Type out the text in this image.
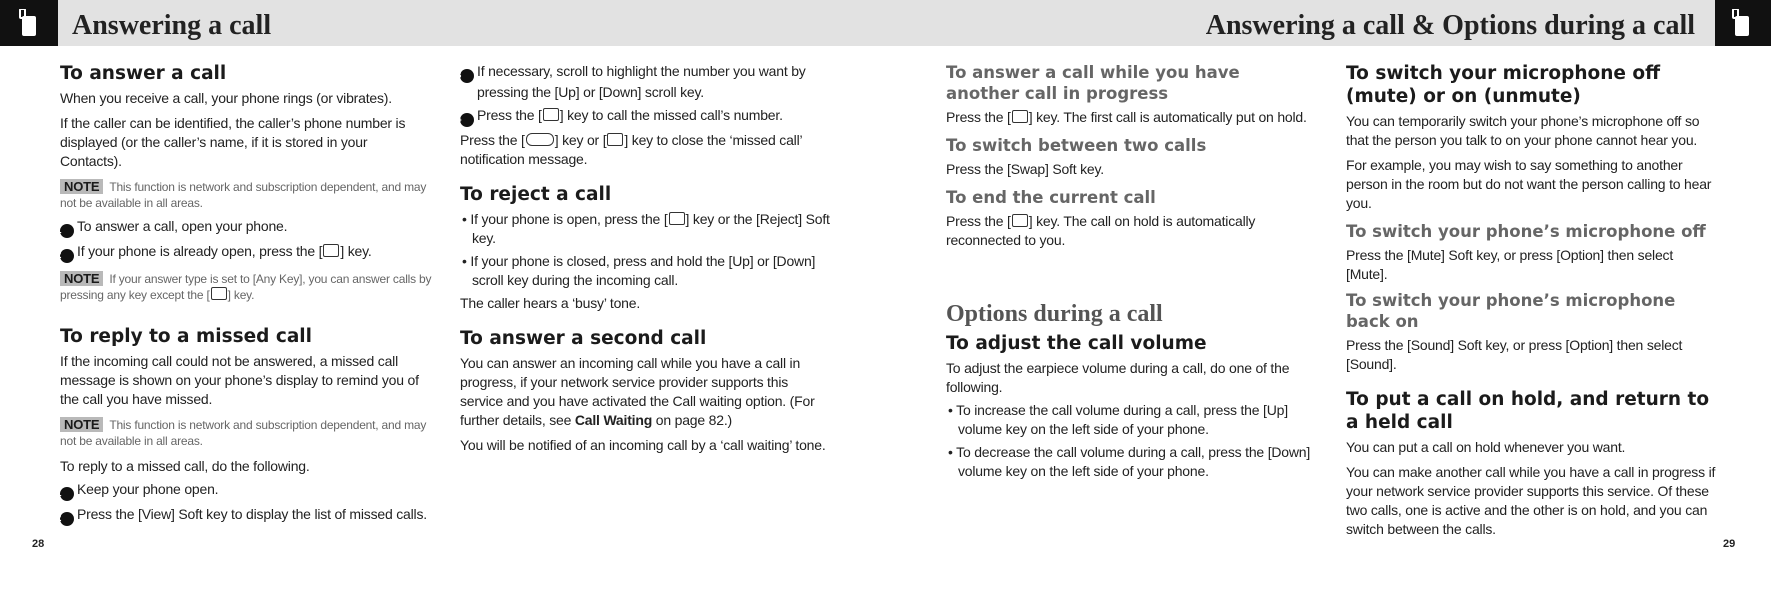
Answering a call	Answering a call & Options during a call
To answer a call

When you receive a call, your phone rings (or vibrates).

If the caller can be identified, the caller’s phone number is displayed (or the caller’s name, if it is stored in your Contacts).

NOTE This function is network and subscription dependent, and may not be available in all areas.

1 To answer a call, open your phone.

2 If your phone is already open, press the [ ] key.

NOTE If your answer type is set to [Any Key], you can answer calls by pressing any key except the [ ] key.

To reply to a missed call

If the incoming call could not be answered, a missed call message is shown on your phone’s display to remind you of the call you have missed.

NOTE This function is network and subscription dependent, and may not be available in all areas.

To reply to a missed call, do the following.

1 Keep your phone open.

2 Press the [View] Soft key to display the list of missed calls.

28

3 If necessary, scroll to highlight the number you want by pressing the [Up] or [Down] scroll key.

4 Press the [ ] key to call the missed call’s number.

Press the [ ] key or [ ] key to close the ‘missed call’ notification message.

To reject a call

• If your phone is open, press the [ ] key or the [Reject] Soft key.

• If your phone is closed, press and hold the [Up] or [Down] scroll key during the incoming call.

The caller hears a ‘busy’ tone.

To answer a second call

You can answer an incoming call while you have a call in progress, if your network service provider supports this service and you have activated the Call waiting option. (For further details, see Call Waiting on page 82.)

You will be notified of an incoming call by a ‘call waiting’ tone.

To answer a call while you have another call in progress

Press the [ ] key. The first call is automatically put on hold.

To switch between two calls

Press the [Swap] Soft key.

To end the current call

Press the [ ] key. The call on hold is automatically reconnected to you.

Options during a call
To adjust the call volume

To adjust the earpiece volume during a call, do one of the following.

• To increase the call volume during a call, press the [Up] volume key on the left side of your phone.

• To decrease the call volume during a call, press the [Down] volume key on the left side of your phone.

To switch your microphone off (mute) or on (unmute)

You can temporarily switch your phone’s microphone off so that the person you talk to on your phone cannot hear you.

For example, you may wish to say something to another person in the room but do not want the person calling to hear you.

To switch your phone’s microphone off

Press the [Mute] Soft key, or press [Option] then select [Mute].

To switch your phone’s microphone back on

Press the [Sound] Soft key, or press [Option] then select [Sound].

To put a call on hold, and return to a held call

You can put a call on hold whenever you want.

You can make another call while you have a call in progress if your network service provider supports this service. Of these two calls, one is active and the other is on hold, and you can switch between the calls.

29
